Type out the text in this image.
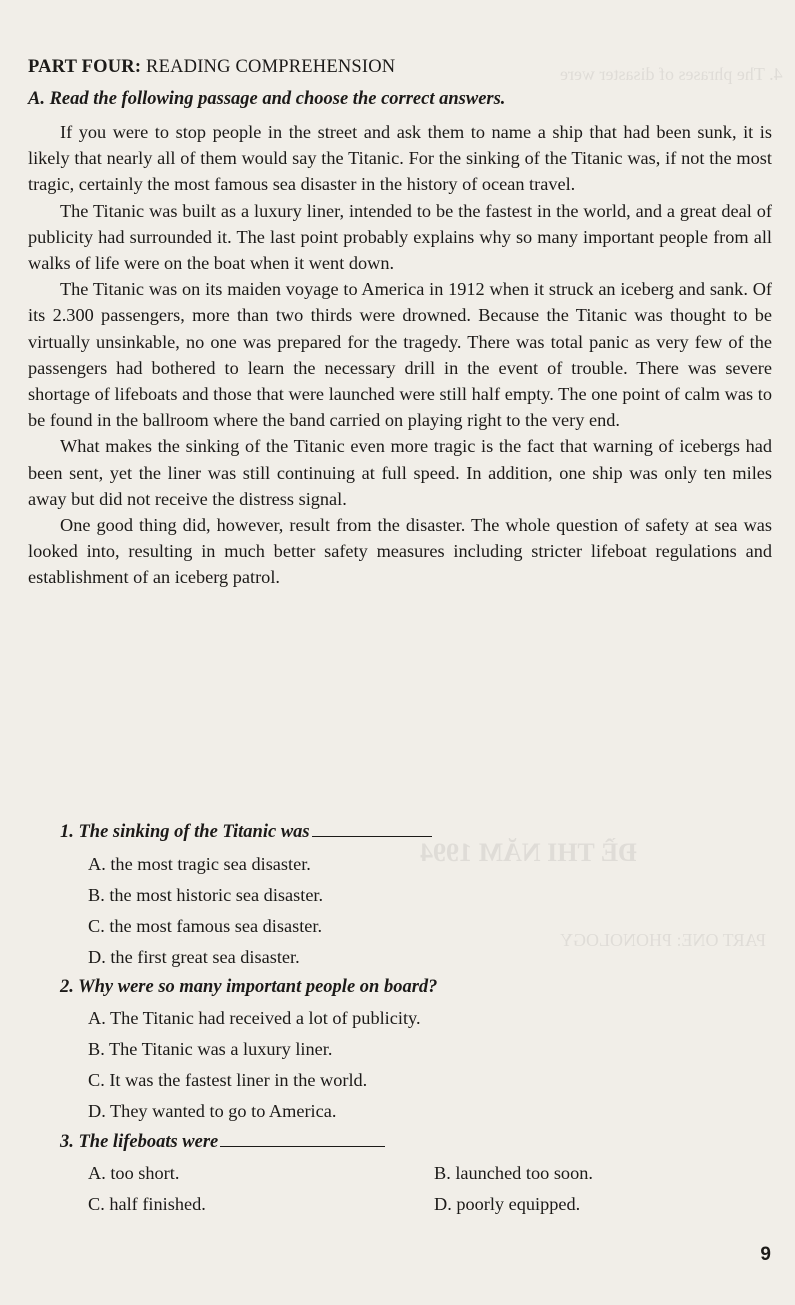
4. The phrases of disaster were
ĐỀ THI NĂM 1994
PART ONE: PHONOLOGY
PART FOUR: READING COMPREHENSION
A. Read the following passage and choose the correct answers.

If you were to stop people in the street and ask them to name a ship that had been sunk, it is likely that nearly all of them would say the Titanic. For the sinking of the Titanic was, if not the most tragic, certainly the most famous sea disaster in the history of ocean travel.

The Titanic was built as a luxury liner, intended to be the fastest in the world, and a great deal of publicity had surrounded it. The last point probably explains why so many important people from all walks of life were on the boat when it went down.

The Titanic was on its maiden voyage to America in 1912 when it struck an iceberg and sank. Of its 2.300 passengers, more than two thirds were drowned. Because the Titanic was thought to be virtually unsinkable, no one was prepared for the tragedy. There was total panic as very few of the passengers had bothered to learn the necessary drill in the event of trouble. There was severe shortage of lifeboats and those that were launched were still half empty. The one point of calm was to be found in the ballroom where the band carried on playing right to the very end.

What makes the sinking of the Titanic even more tragic is the fact that warning of icebergs had been sent, yet the liner was still continuing at full speed. In addition, one ship was only ten miles away but did not receive the distress signal.

One good thing did, however, result from the disaster. The whole question of safety at sea was looked into, resulting in much better safety measures including stricter lifeboat regulations and establishment of an iceberg patrol.

1. The sinking of the Titanic was
A. the most tragic sea disaster.
B. the most historic sea disaster.
C. the most famous sea disaster.
D. the first great sea disaster.
2. Why were so many important people on board?
A. The Titanic had received a lot of publicity.
B. The Titanic was a luxury liner.
C. It was the fastest liner in the world.
D. They wanted to go to America.
3. The lifeboats were
A. too short.	B. launched too soon.
C. half finished.	D. poorly equipped.
9
